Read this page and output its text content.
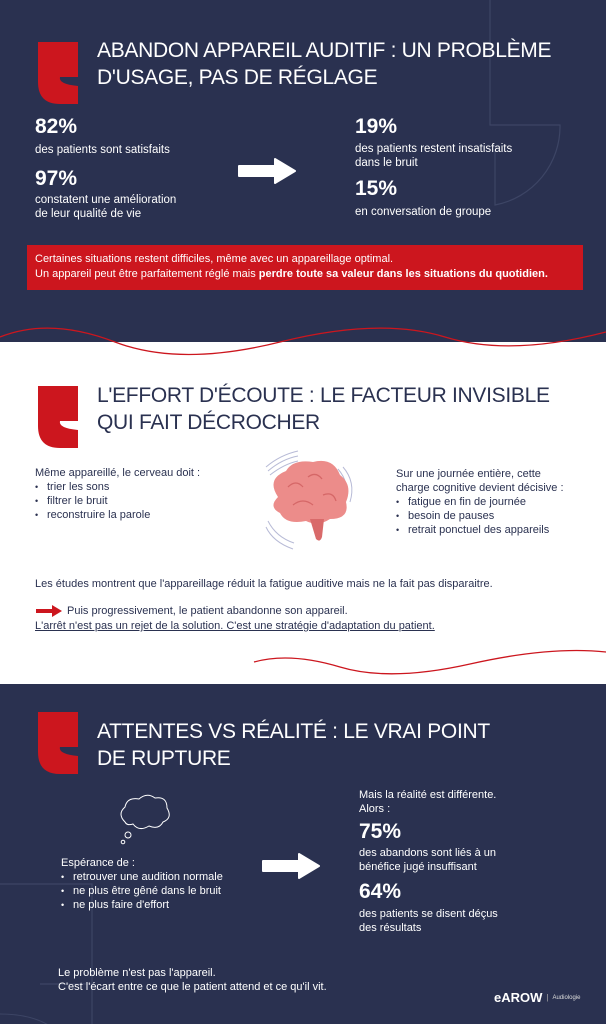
ABANDON APPAREIL AUDITIF : UN PROBLÈME
D'USAGE, PAS DE RÉGLAGE
82%
des patients sont satisfaits
97%
constatent une amélioration
de leur qualité de vie
19%
des patients restent insatisfaits
dans le bruit
15%
en conversation de groupe
Certaines situations restent difficiles, même avec un appareillage optimal.
Un appareil peut être parfaitement réglé mais perdre toute sa valeur dans les situations du quotidien.
L'EFFORT D'ÉCOUTE : LE FACTEUR INVISIBLE
QUI FAIT DÉCROCHER
Même appareillé, le cerveau doit :
• trier les sons
• filtrer le bruit
• reconstruire la parole
Sur une journée entière, cette
charge cognitive devient décisive :
• fatigue en fin de journée
• besoin de pauses
• retrait ponctuel des appareils
Les études montrent que l'appareillage réduit la fatigue auditive mais ne la fait pas disparaitre.
Puis progressivement, le patient abandonne son appareil.
L'arrêt n'est pas un rejet de la solution. C'est une stratégie d'adaptation du patient.
ATTENTES VS RÉALITÉ : LE VRAI POINT
DE RUPTURE
Espérance de :
• retrouver une audition normale
• ne plus être gêné dans le bruit
• ne plus faire d'effort
Mais la réalité est différente.
Alors :
75%
des abandons sont liés à un
bénéfice jugé insuffisant
64%
des patients se disent déçus
des résultats
Le problème n'est pas l'appareil.
C'est l'écart entre ce que le patient attend et ce qu'il vit.
eAROW | Audiologie
